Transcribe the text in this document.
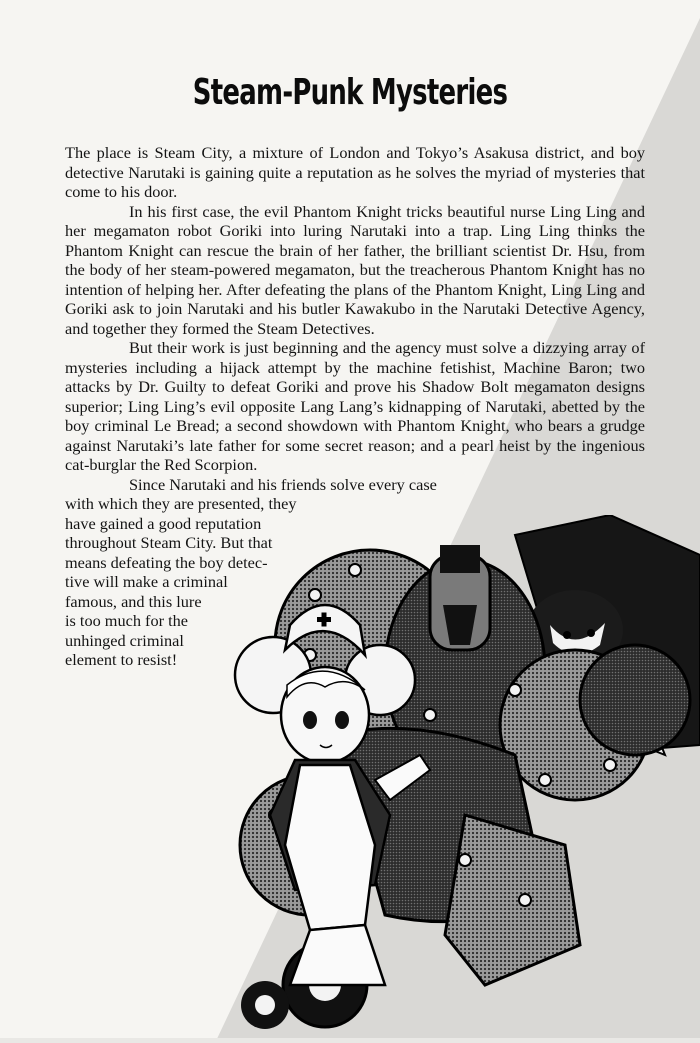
Steam-Punk Mysteries

The place is Steam City, a mixture of London and Tokyo’s Asakusa district, and boy detective Narutaki is gaining quite a reputation as he solves the myriad of mysteries that come to his door.

In his first case, the evil Phantom Knight tricks beautiful nurse Ling Ling and her megamaton robot Goriki into luring Narutaki into a trap. Ling Ling thinks the Phantom Knight can rescue the brain of her father, the brilliant scientist Dr. Hsu, from the body of her steam-powered megamaton, but the treacherous Phantom Knight has no intention of helping her. After defeating the plans of the Phantom Knight, Ling Ling and Goriki ask to join Narutaki and his butler Kawakubo in the Narutaki Detective Agency, and together they formed the Steam Detectives.

But their work is just beginning and the agency must solve a dizzying array of mysteries including a hijack attempt by the machine fetishist, Machine Baron; two attacks by Dr. Guilty to defeat Goriki and prove his Shadow Bolt megamaton designs superior; Ling Ling’s evil opposite Lang Lang’s kidnapping of Narutaki, abetted by the boy criminal Le Bread; a second showdown with Phantom Knight, who bears a grudge against Narutaki’s late father for some secret reason; and a pearl heist by the ingenious cat-burglar the Red Scorpion.

Since Narutaki and his friends solve every case
with which they are presented, they
have gained a good reputation
throughout Steam City. But that
means defeating the boy detec-
tive will make a criminal
famous, and this lure
is too much for the
unhinged criminal
element to resist!
